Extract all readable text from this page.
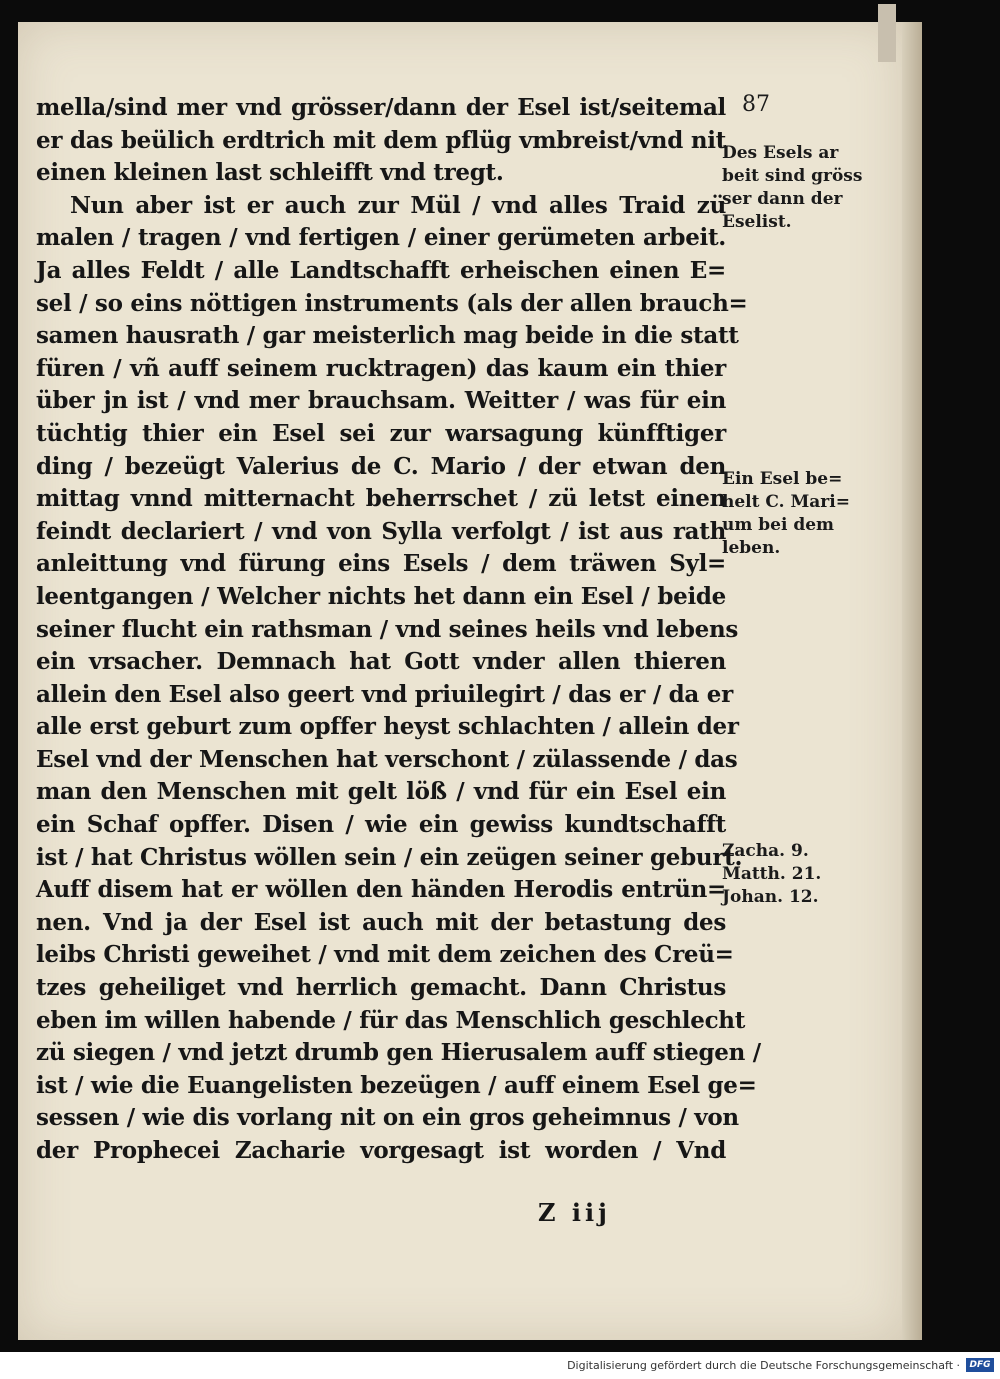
87
mella/sind mer vnd grösser/dann der Esel ist/seitemal
er das beülich erdtrich mit dem pflüg vmbreist/vnd nit
einen kleinen last schleifft vnd tregt.
Nun aber ist er auch zur Mül / vnd alles Traid zü
malen / tragen / vnd fertigen / einer gerümeten arbeit.
Ja alles Feldt / alle Landtschafft erheischen einen E=
sel / so eins nöttigen instruments (als der allen brauch=
samen hausrath / gar meisterlich mag beide in die statt
füren / vñ auff seinem rucktragen) das kaum ein thier
über jn ist / vnd mer brauchsam. Weitter / was für ein
tüchtig thier ein Esel sei zur warsagung künfftiger
ding / bezeügt Valerius de C. Mario / der etwan den
mittag vnnd mitternacht beherrschet / zü letst einen
feindt declariert / vnd von Sylla verfolgt / ist aus rath
anleittung vnd fürung eins Esels / dem träwen Syl=
leentgangen / Welcher nichts het dann ein Esel / beide
seiner flucht ein rathsman / vnd seines heils vnd lebens
ein vrsacher. Demnach hat Gott vnder allen thieren
allein den Esel also geert vnd priuilegirt / das er / da er
alle erst geburt zum opffer heyst schlachten / allein der
Esel vnd der Menschen hat verschont / zülassende / das
man den Menschen mit gelt löß / vnd für ein Esel ein
ein Schaf opffer. Disen / wie ein gewiss kundtschafft
ist / hat Christus wöllen sein / ein zeügen seiner geburt.
Auff disem hat er wöllen den händen Herodis entrün=
nen. Vnd ja der Esel ist auch mit der betastung des
leibs Christi geweihet / vnd mit dem zeichen des Creü=
tzes geheiliget vnd herrlich gemacht. Dann Christus
eben im willen habende / für das Menschlich geschlecht
zü siegen / vnd jetzt drumb gen Hierusalem auff stiegen /
ist / wie die Euangelisten bezeügen / auff einem Esel ge=
sessen / wie dis vorlang nit on ein gros geheimnus / von
der Prophecei Zacharie vorgesagt ist worden / Vnd
Des Esels ar
beit sind gröss
ser dann der
Eselist.
Ein Esel be=
helt C. Mari=
um bei dem
leben.
Zacha. 9.
Matth. 21.
Johan. 12.
Z iij
Digitalisierung gefördert durch die Deutsche Forschungsgemeinschaft ·	DFG
